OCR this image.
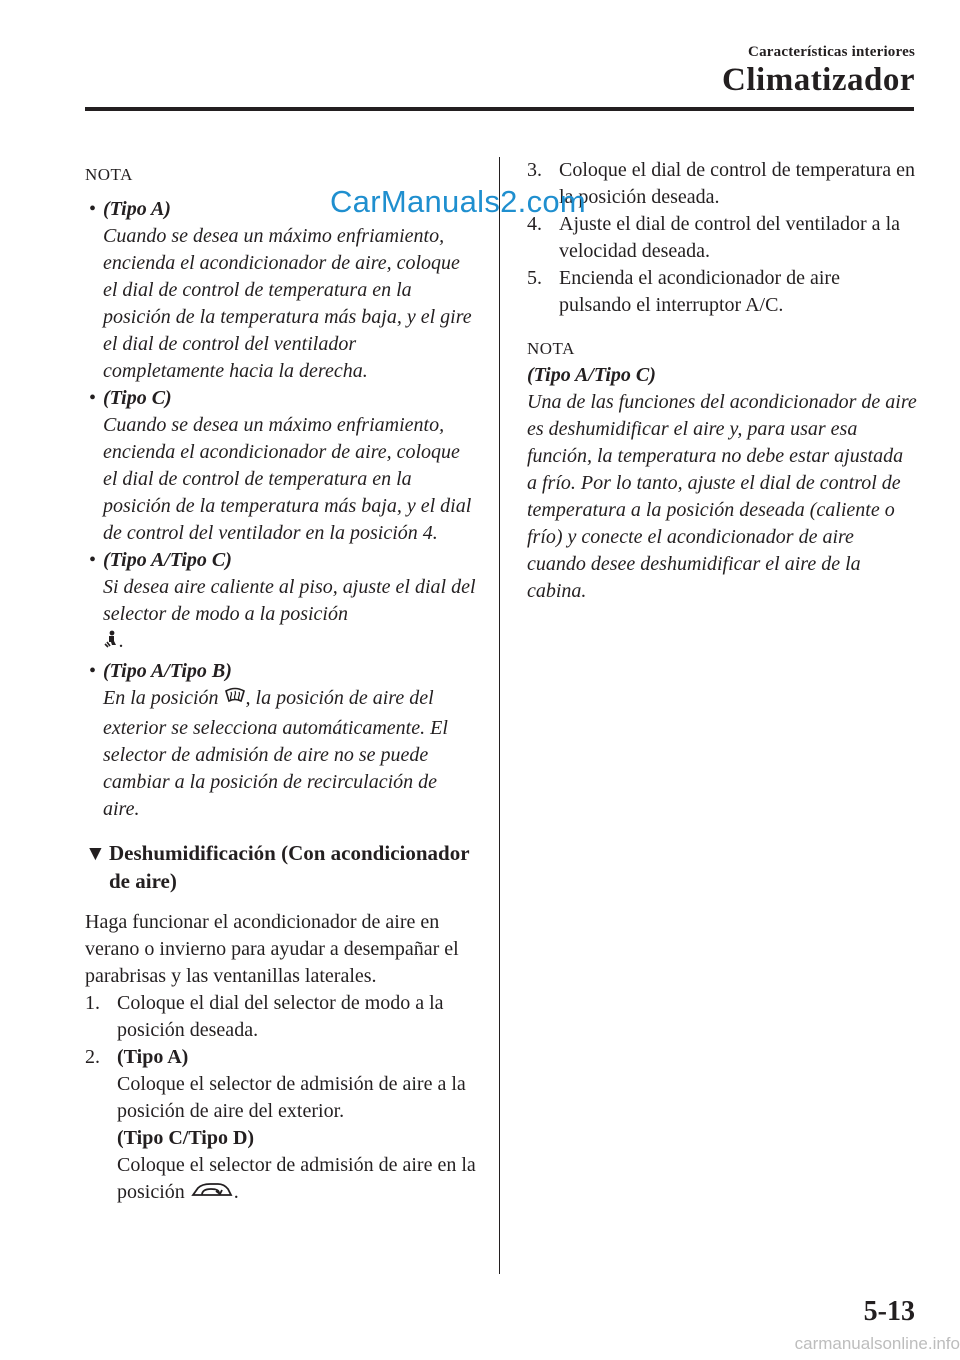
Características interiores
Climatizador
NOTA
• (Tipo A)
Cuando se desea un máximo enfriamiento, encienda el acondicionador de aire, coloque el dial de control de temperatura en la posición de la temperatura más baja, y el gire el dial de control del ventilador completamente hacia la derecha.
• (Tipo C)
Cuando se desea un máximo enfriamiento, encienda el acondicionador de aire, coloque el dial de control de temperatura en la posición de la temperatura más baja, y el dial de control del ventilador en la posición 4.
• (Tipo A/Tipo C)
Si desea aire caliente al piso, ajuste el dial del selector de modo a la posición
.
• (Tipo A/Tipo B)
En la posición , la posición de aire del exterior se selecciona automáticamente. El selector de admisión de aire no se puede cambiar a la posición de recirculación de aire.
▼ Deshumidificación (Con acondicionador de aire)
Haga funcionar el acondicionador de aire en verano o invierno para ayudar a desempañar el parabrisas y las ventanillas laterales.
1. Coloque el dial del selector de modo a la posición deseada.
2. (Tipo A)
Coloque el selector de admisión de aire a la posición de aire del exterior.
(Tipo C/Tipo D)
Coloque el selector de admisión de aire en la posición .
3. Coloque el dial de control de temperatura en la posición deseada.
4. Ajuste el dial de control del ventilador a la velocidad deseada.
5. Encienda el acondicionador de aire pulsando el interruptor A/C.
NOTA
(Tipo A/Tipo C)
Una de las funciones del acondicionador de aire es deshumidificar el aire y, para usar esa función, la temperatura no debe estar ajustada a frío. Por lo tanto, ajuste el dial de control de temperatura a la posición deseada (caliente o frío) y conecte el acondicionador de aire cuando desee deshumidificar el aire de la cabina.
CarManuals2.com
5-13
carmanualsonline.info
